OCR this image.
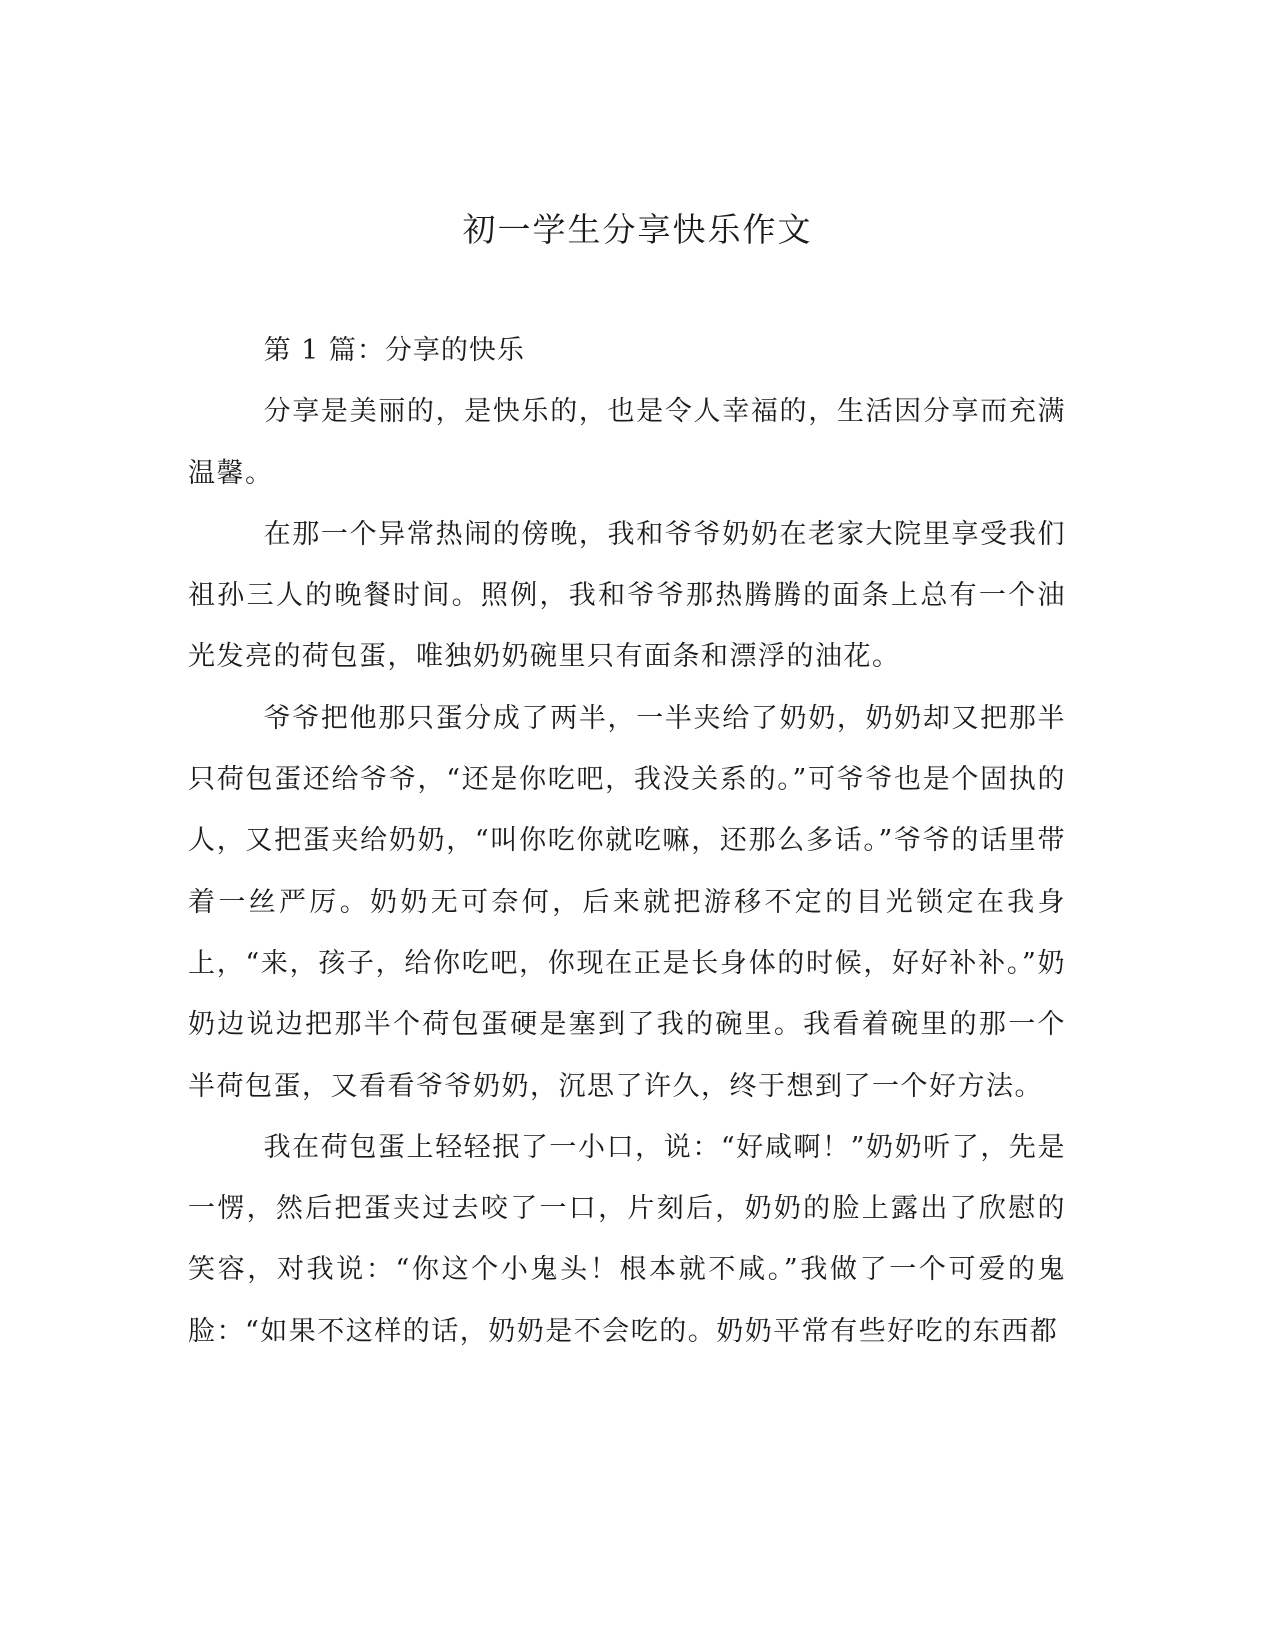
初一学生分享快乐作文

第 1 篇：分享的快乐

分享是美丽的，是快乐的，也是令人幸福的，生活因分享而充满温馨。

在那一个异常热闹的傍晚，我和爷爷奶奶在老家大院里享受我们祖孙三人的晚餐时间。照例，我和爷爷那热腾腾的面条上总有一个油光发亮的荷包蛋，唯独奶奶碗里只有面条和漂浮的油花。

爷爷把他那只蛋分成了两半，一半夹给了奶奶，奶奶却又把那半只荷包蛋还给爷爷，“还是你吃吧，我没关系的。”可爷爷也是个固执的人，又把蛋夹给奶奶，“叫你吃你就吃嘛，还那么多话。”爷爷的话里带着一丝严厉。奶奶无可奈何，后来就把游移不定的目光锁定在我身上，“来，孩子，给你吃吧，你现在正是长身体的时候，好好补补。”奶奶边说边把那半个荷包蛋硬是塞到了我的碗里。我看着碗里的那一个半荷包蛋，又看看爷爷奶奶，沉思了许久，终于想到了一个好方法。

我在荷包蛋上轻轻抿了一小口，说：“好咸啊！”奶奶听了，先是一愣，然后把蛋夹过去咬了一口，片刻后，奶奶的脸上露出了欣慰的笑容，对我说：“你这个小鬼头！根本就不咸。”我做了一个可爱的鬼脸：“如果不这样的话，奶奶是不会吃的。奶奶平常有些好吃的东西都
